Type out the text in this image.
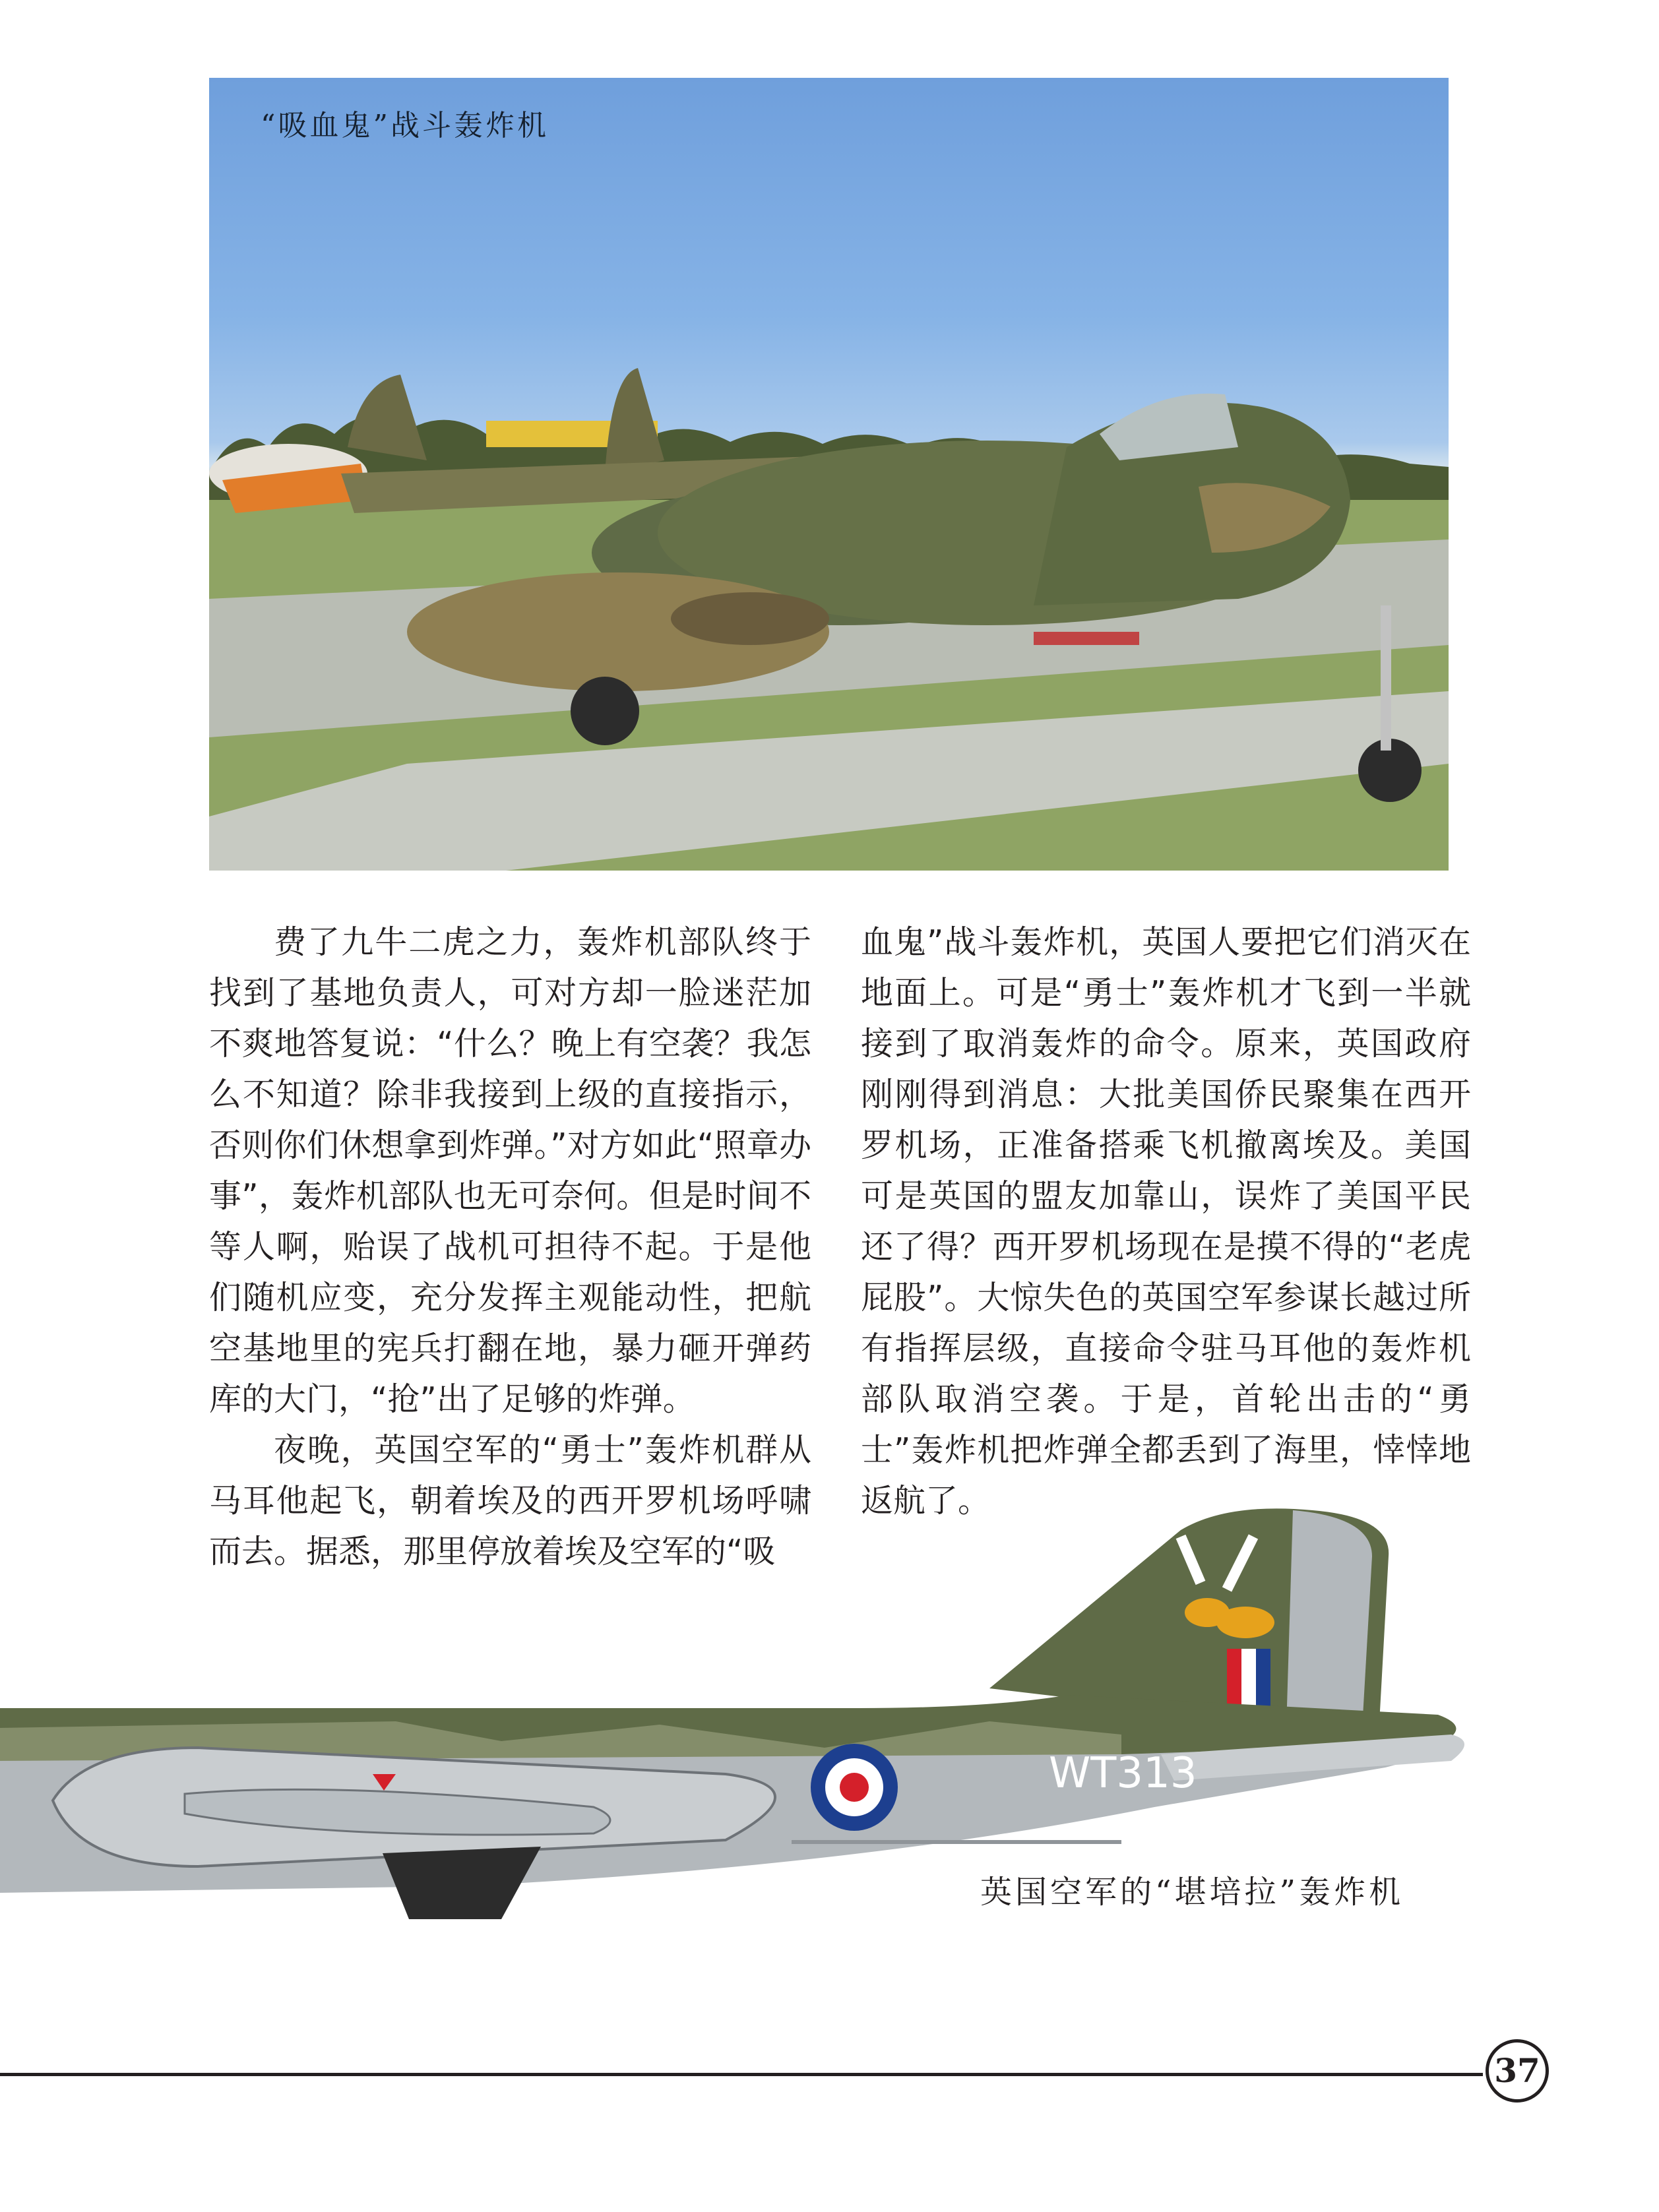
“吸血鬼”战斗轰炸机

费了九牛二虎之力，轰炸机部队终于找到了基地负责人，可对方却一脸迷茫加不爽地答复说：“什么？晚上有空袭？我怎么不知道？除非我接到上级的直接指示，否则你们休想拿到炸弹。”对方如此“照章办事”，轰炸机部队也无可奈何。但是时间不等人啊，贻误了战机可担待不起。于是他们随机应变，充分发挥主观能动性，把航空基地里的宪兵打翻在地，暴力砸开弹药库的大门，“抢”出了足够的炸弹。

夜晚，英国空军的“勇士”轰炸机群从马耳他起飞，朝着埃及的西开罗机场呼啸而去。据悉，那里停放着埃及空军的“吸

血鬼”战斗轰炸机，英国人要把它们消灭在地面上。可是“勇士”轰炸机才飞到一半就接到了取消轰炸的命令。原来，英国政府刚刚得到消息：大批美国侨民聚集在西开罗机场，正准备搭乘飞机撤离埃及。美国可是英国的盟友加靠山，误炸了美国平民还了得？西开罗机场现在是摸不得的“老虎屁股”。大惊失色的英国空军参谋长越过所有指挥层级，直接命令驻马耳他的轰炸机部队取消空袭。于是，首轮出击的“勇士”轰炸机把炸弹全都丢到了海里，悻悻地返航了。

WT313
英国空军的“堪培拉”轰炸机
37
